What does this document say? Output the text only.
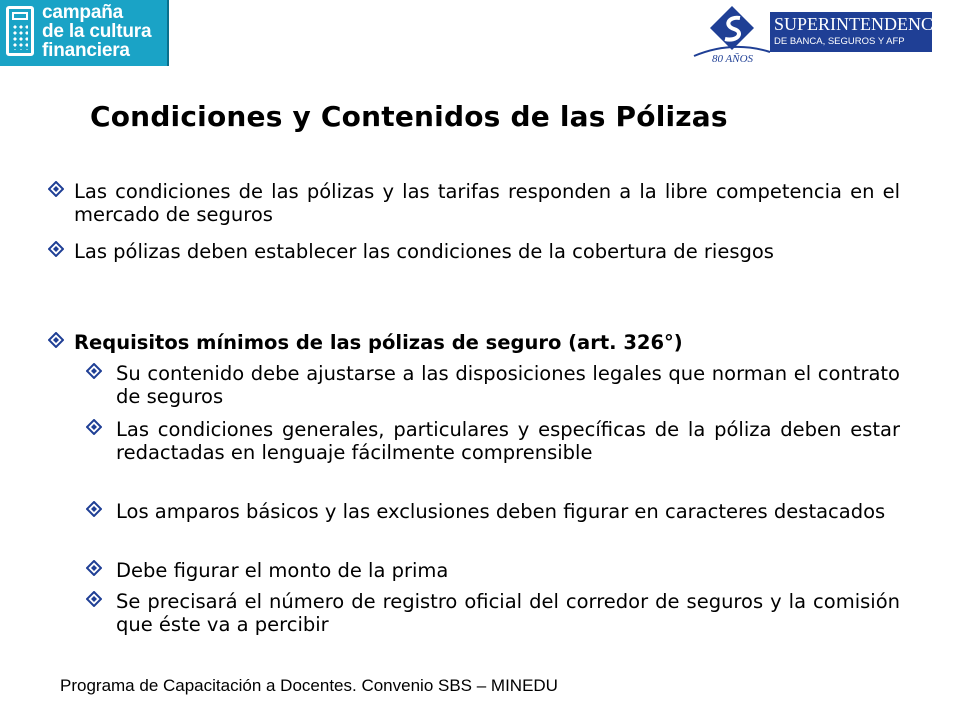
campaña
de la cultura
financiera	80 AÑOS
SUPERINTENDENCIA
DE BANCA, SEGUROS Y AFP
Condiciones y Contenidos de las Pólizas
Las condiciones de las pólizas y las tarifas responden a la libre competencia en el mercado de seguros
Las pólizas deben establecer las condiciones de la cobertura de riesgos
Requisitos mínimos de las pólizas de seguro (art. 326°)
Su contenido debe ajustarse a las disposiciones legales que norman el contrato de seguros
Las condiciones generales, particulares y específicas de la póliza deben estar redactadas en lenguaje fácilmente comprensible
Los amparos básicos y las exclusiones deben figurar en caracteres destacados
Debe figurar el monto de la prima
Se precisará el número de registro oficial del corredor de seguros y la comisión que éste va a percibir
Programa de Capacitación a Docentes. Convenio SBS – MINEDU
